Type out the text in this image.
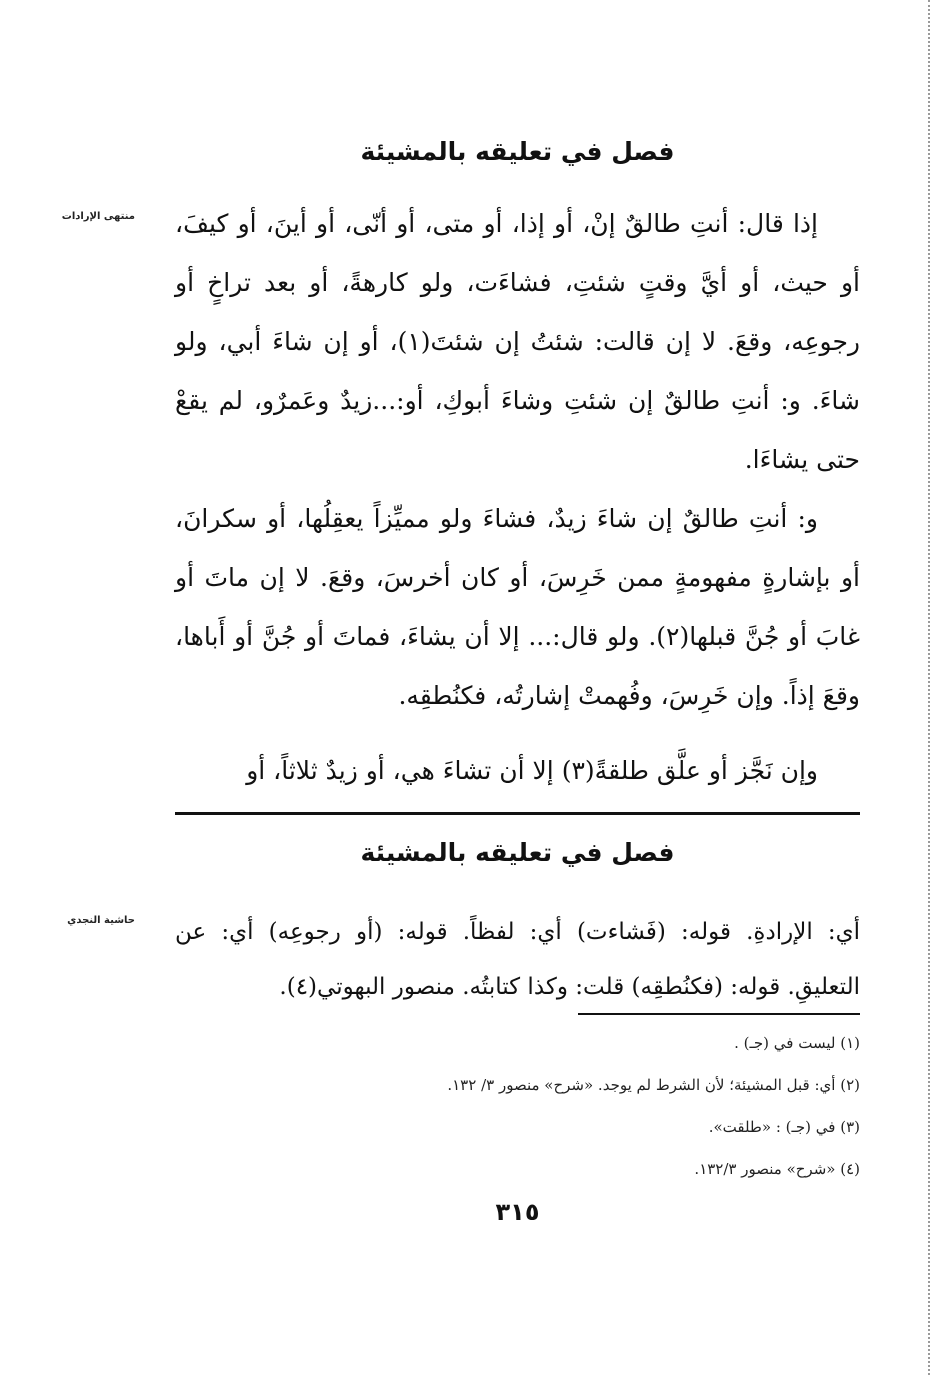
فصل في تعليقه بالمشيئة
منتهى الإرادات إذا قال: أنتِ طالقٌ إنْ، أو إذا، أو متى، أو أنّى، أو أينَ، أو كيفَ، أو حيث، أو أيَّ وقتٍ شئتِ، فشاءَت، ولو كارهةً، أو بعد تراخٍ أو رجوعِه، وقعَ. لا إن قالت: شئتُ إن شئتَ(١)، أو إن شاءَ أبي، ولو شاءَ. و: أنتِ طالقٌ إن شئتِ وشاءَ أبوكِ، أو:...زيدٌ وعَمرٌو، لم يقعْ حتى يشاءَا.

و: أنتِ طالقٌ إن شاءَ زيدٌ، فشاءَ ولو مميِّزاً يعقِلُها، أو سكرانَ، أو بإشارةٍ مفهومةٍ ممن خَرِسَ، أو كان أخرسَ، وقعَ. لا إن ماتَ أو غابَ أو جُنَّ قبلها(٢). ولو قال:... إلا أن يشاءَ، فماتَ أو جُنَّ أو أَباها، وقعَ إذاً. وإن خَرِسَ، وفُهمتْ إشارتُه، فكنُطقِه.

وإن نَجَّز أو علَّق طلقةً(٣) إلا أن تشاءَ هي، أو زيدٌ ثلاثاً، أو

فصل في تعليقه بالمشيئة
حاشية النجدي أي: الإرادةِ. قوله: (فَشاءت) أي: لفظاً. قوله: (أو رجوعِه) أي: عن التعليقِ. قوله: (فكنُطقِه) قلت: وكذا كتابتُه. منصور البهوتي(٤).

(١) ليست في (جـ) .
(٢) أي: قبل المشيئة؛ لأن الشرط لم يوجد. «شرح» منصور ٣/ ١٣٢.
(٣) في (جـ) : «طلقت».
(٤) «شرح» منصور ١٣٢/٣.
٣١٥
